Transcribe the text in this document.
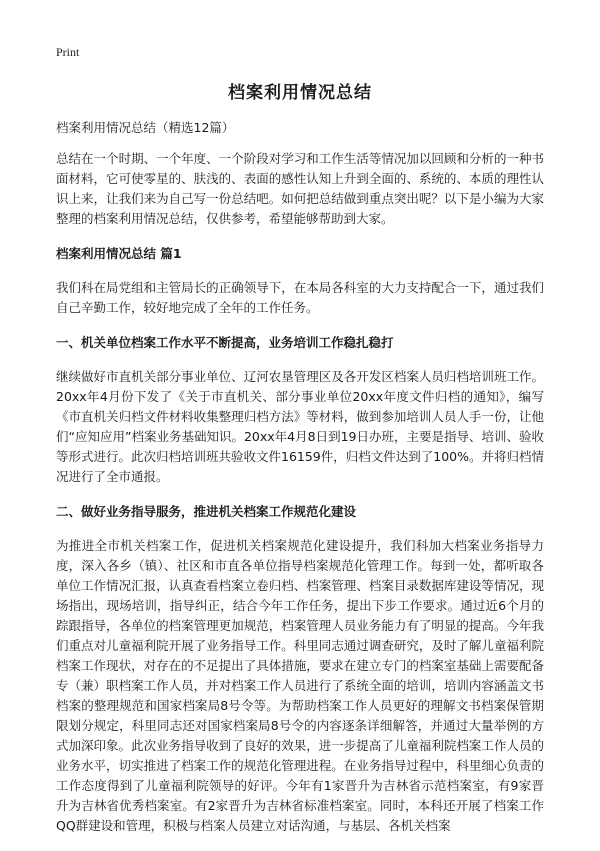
Print
档案利用情况总结

档案利用情况总结（精选12篇）

总结在一个时期、一个年度、一个阶段对学习和工作生活等情况加以回顾和分析的一种书面材料，它可使零星的、肤浅的、表面的感性认知上升到全面的、系统的、本质的理性认识上来，让我们来为自己写一份总结吧。如何把总结做到重点突出呢？以下是小编为大家整理的档案利用情况总结，仅供参考，希望能够帮助到大家。

档案利用情况总结 篇1

我们科在局党组和主管局长的正确领导下，在本局各科室的大力支持配合一下，通过我们自己辛勤工作，较好地完成了全年的工作任务。

一、机关单位档案工作水平不断提高，业务培训工作稳扎稳打

继续做好市直机关部分事业单位、辽河农垦管理区及各开发区档案人员归档培训班工作。20xx年4月份下发了《关于市直机关、部分事业单位20xx年度文件归档的通知》，编写《市直机关归档文件材料收集整理归档方法》等材料，做到参加培训人员人手一份，让他们“应知应用”档案业务基础知识。20xx年4月8日到19日办班，主要是指导、培训、验收等形式进行。此次归档培训班共验收文件16159件，归档文件达到了100%。并将归档情况进行了全市通报。

二、做好业务指导服务，推进机关档案工作规范化建设

为推进全市机关档案工作，促进机关档案规范化建设提升，我们科加大档案业务指导力度，深入各乡（镇）、社区和市直各单位指导档案规范化管理工作。每到一处，都听取各单位工作情况汇报，认真查看档案立卷归档、档案管理、档案目录数据库建设等情况，现场指出，现场培训，指导纠正，结合今年工作任务，提出下步工作要求。通过近6个月的踪跟指导，各单位的档案管理更加规范，档案管理人员业务能力有了明显的提高。今年我们重点对儿童福利院开展了业务指导工作。科里同志通过调查研究，及时了解儿童福利院档案工作现状，对存在的不足提出了具体措施，要求在建立专门的档案室基础上需要配备专（兼）职档案工作人员，并对档案工作人员进行了系统全面的培训，培训内容涵盖文书档案的整理规范和国家档案局8号令等。为帮助档案工作人员更好的理解文书档案保管期限划分规定，科里同志还对国家档案局8号令的内容逐条详细解答，并通过大量举例的方式加深印象。此次业务指导收到了良好的效果，进一步提高了儿童福利院档案工作人员的业务水平，切实推进了档案工作的规范化管理进程。在业务指导过程中，科里细心负责的工作态度得到了儿童福利院领导的好评。今年有1家晋升为吉林省示范档案室，有9家晋升为吉林省优秀档案室。有2家晋升为吉林省标准档案室。同时，本科还开展了档案工作QQ群建设和管理，积极与档案人员建立对话沟通，与基层、各机关档案
